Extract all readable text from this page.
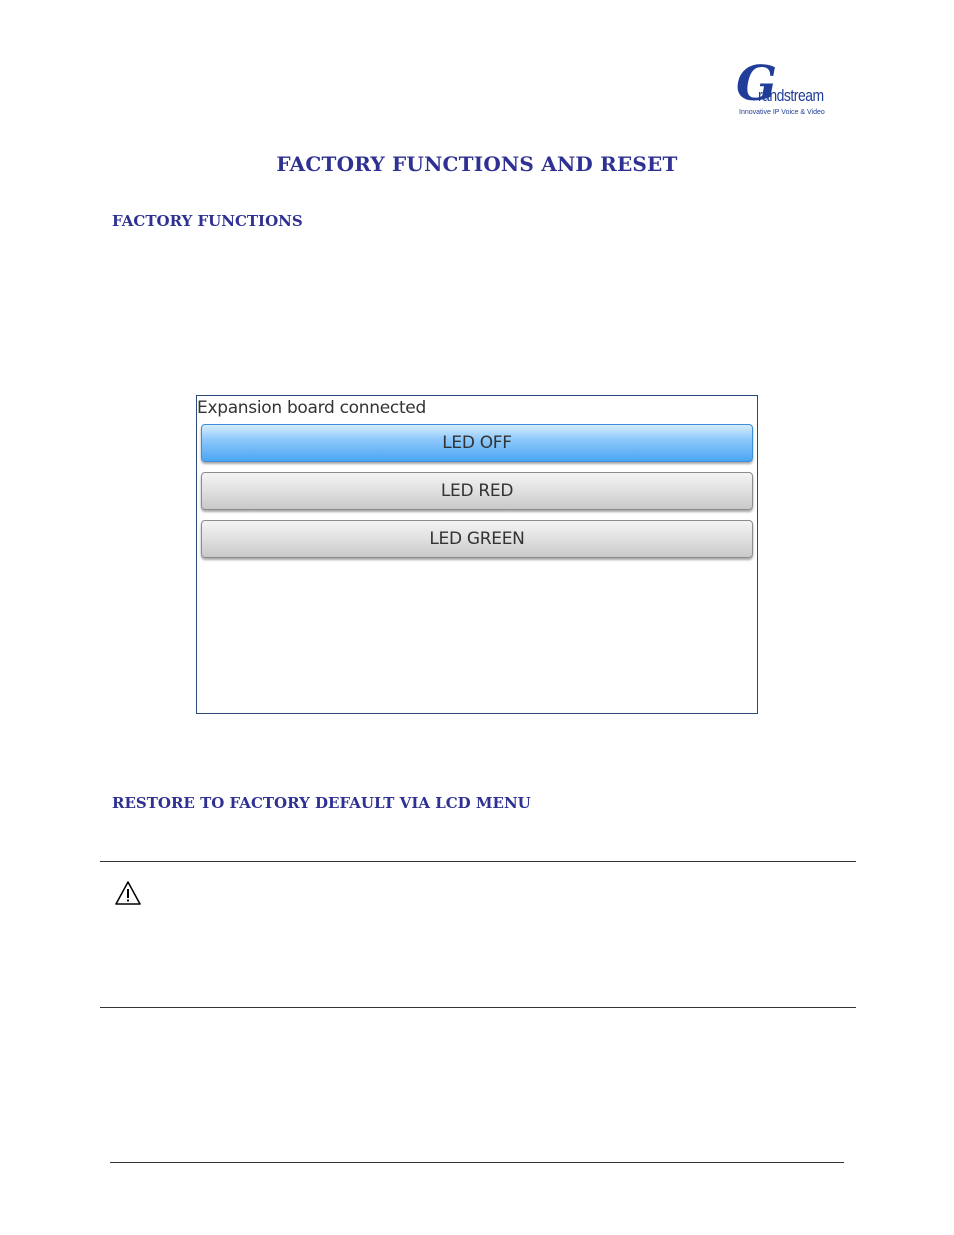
G
randstream
Innovative IP Voice & Video
FACTORY FUNCTIONS AND RESET
FACTORY FUNCTIONS
Expansion board connected
LED OFF
LED RED
LED GREEN
RESTORE TO FACTORY DEFAULT VIA LCD MENU
